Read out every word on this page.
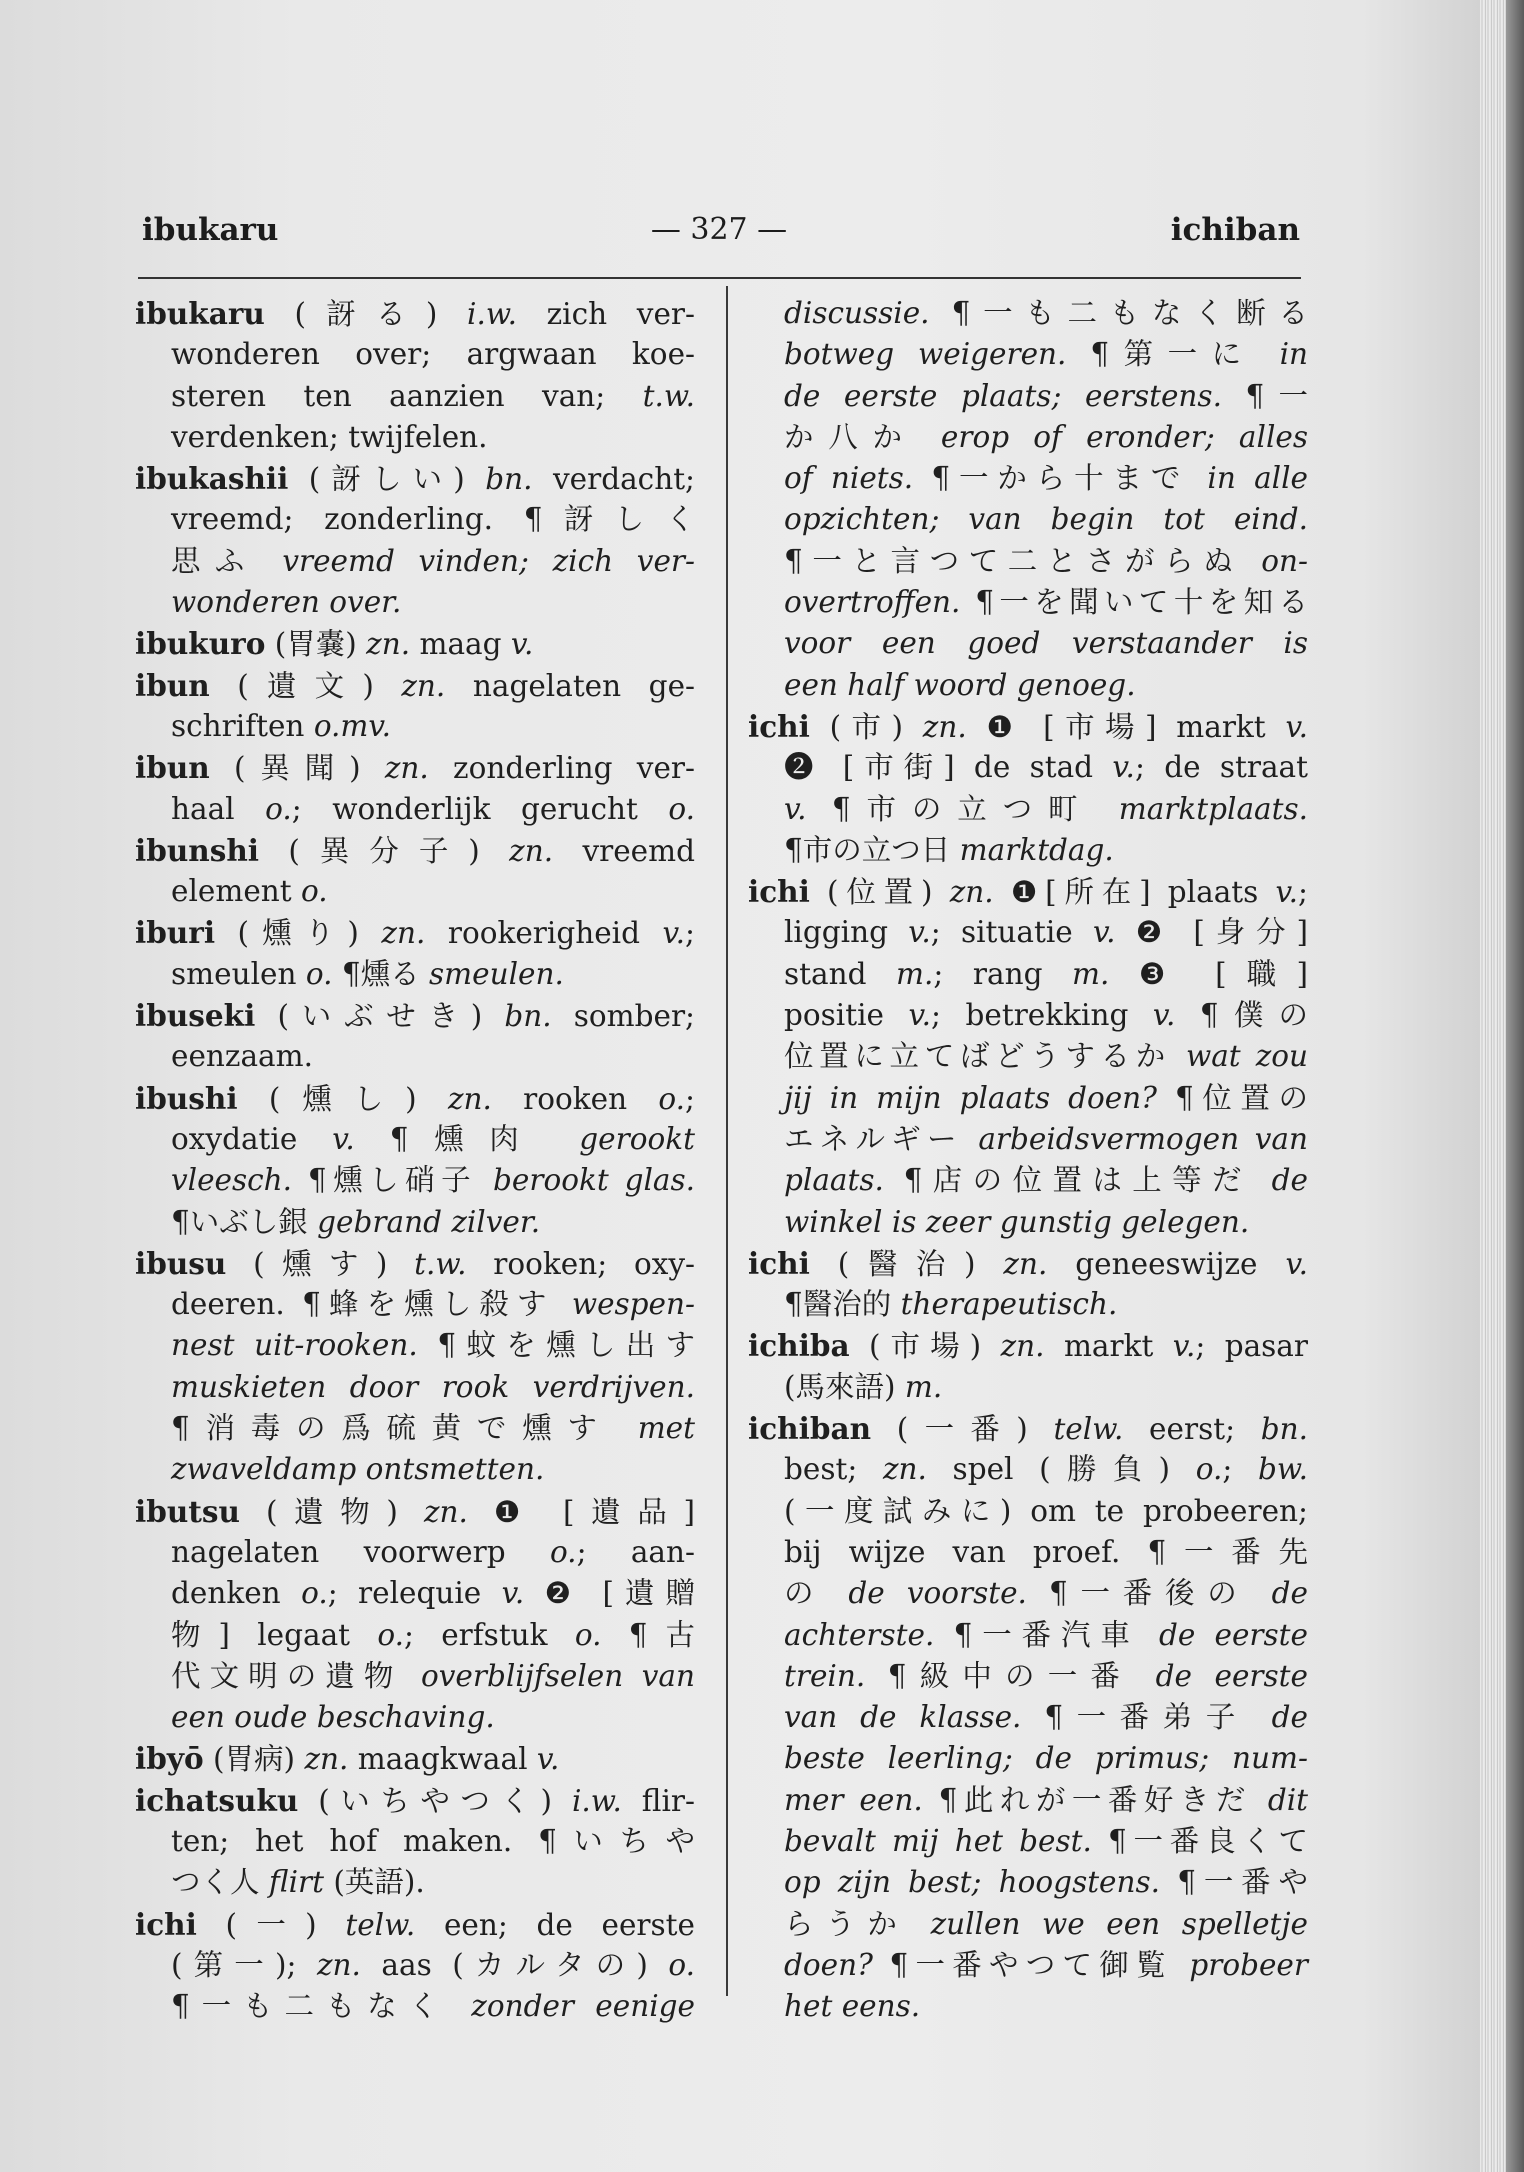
ibukaru	— 327 —	ichiban
ibukaru (訝る) i.w. zich ver-
wonderen over; argwaan koe-
steren ten aanzien van; t.w.
verdenken; twijfelen.
ibukashii (訝しい) bn. verdacht;
vreemd; zonderling. ¶訝しく
思ふ vreemd vinden; zich ver-
wonderen over.
ibukuro (胃嚢) zn. maag v.
ibun (遺文) zn. nagelaten ge-
schriften o.mv.
ibun (異聞) zn. zonderling ver-
haal o.; wonderlijk gerucht o.
ibunshi (異分子) zn. vreemd
element o.
iburi (燻り) zn. rookerigheid v.;
smeulen o. ¶燻る smeulen.
ibuseki (いぶせき) bn. somber;
eenzaam.
ibushi (燻し) zn. rooken o.;
oxydatie v. ¶燻肉 gerookt
vleesch. ¶燻し硝子 berookt glas.
¶いぶし銀 gebrand zilver.
ibusu (燻す) t.w. rooken; oxy-
deeren. ¶蜂を燻し殺す wespen-
nest uit-rooken. ¶蚊を燻し出す
muskieten door rook verdrijven.
¶消毒の爲硫黄で燻す met
zwaveldamp ontsmetten.
ibutsu (遺物) zn. ❶ [遺品]
nagelaten voorwerp o.; aan-
denken o.; relequie v. ❷ [遺贈
物] legaat o.; erfstuk o. ¶古
代文明の遺物 overblijfselen van
een oude beschaving.
ibyō (胃病) zn. maagkwaal v.
ichatsuku (いちやつく) i.w. flir-
ten; het hof maken. ¶いちや
つく人 flirt (英語).
ichi (一) telw. een; de eerste
(第一); zn. aas (カルタの) o.
¶一も二もなく zonder eenige
discussie. ¶一も二もなく断る
botweg weigeren. ¶第一に in
de eerste plaats; eerstens. ¶一
か八か erop of eronder; alles
of niets. ¶一から十まで in alle
opzichten; van begin tot eind.
¶一と言つて二とさがらぬ on-
overtroffen. ¶一を聞いて十を知る
voor een goed verstaander is
een half woord genoeg.
ichi (市) zn. ❶ [市場] markt v.
❷ [市街] de stad v.; de straat
v. ¶市の立つ町 marktplaats.
¶市の立つ日 marktdag.
ichi (位置) zn. ❶[所在] plaats v.;
ligging v.; situatie v. ❷ [身分]
stand m.; rang m. ❸ [職]
positie v.; betrekking v. ¶僕の
位置に立てばどうするか wat zou
jij in mijn plaats doen? ¶位置の
エネルギー arbeidsvermogen van
plaats. ¶店の位置は上等だ de
winkel is zeer gunstig gelegen.
ichi (醫治) zn. geneeswijze v.
¶醫治的 therapeutisch.
ichiba (市場) zn. markt v.; pasar
(馬來語) m.
ichiban (一番) telw. eerst; bn.
best; zn. spel (勝負) o.; bw.
(一度試みに) om te probeeren;
bij wijze van proef. ¶一番先
の de voorste. ¶一番後の de
achterste. ¶一番汽車 de eerste
trein. ¶級中の一番 de eerste
van de klasse. ¶一番弟子 de
beste leerling; de primus; num-
mer een. ¶此れが一番好きだ dit
bevalt mij het best. ¶一番良くて
op zijn best; hoogstens. ¶一番や
らうか zullen we een spelletje
doen? ¶一番やつて御覧 probeer
het eens.
